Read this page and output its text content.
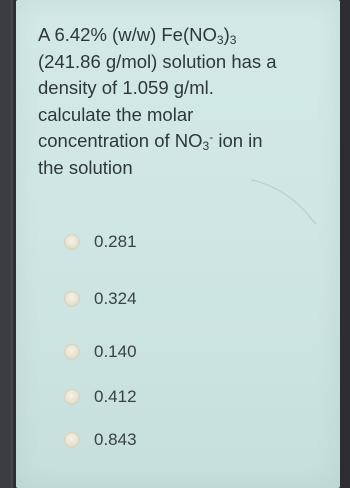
A 6.42% (w/w) $Fe(NO_3)_3$
(241.86 g/mol) solution has a
density of 1.059 g/ml.
calculate the molar
concentration of $NO_3^-$ ion in
the solution
0.281
0.324
0.140
0.412
0.843
